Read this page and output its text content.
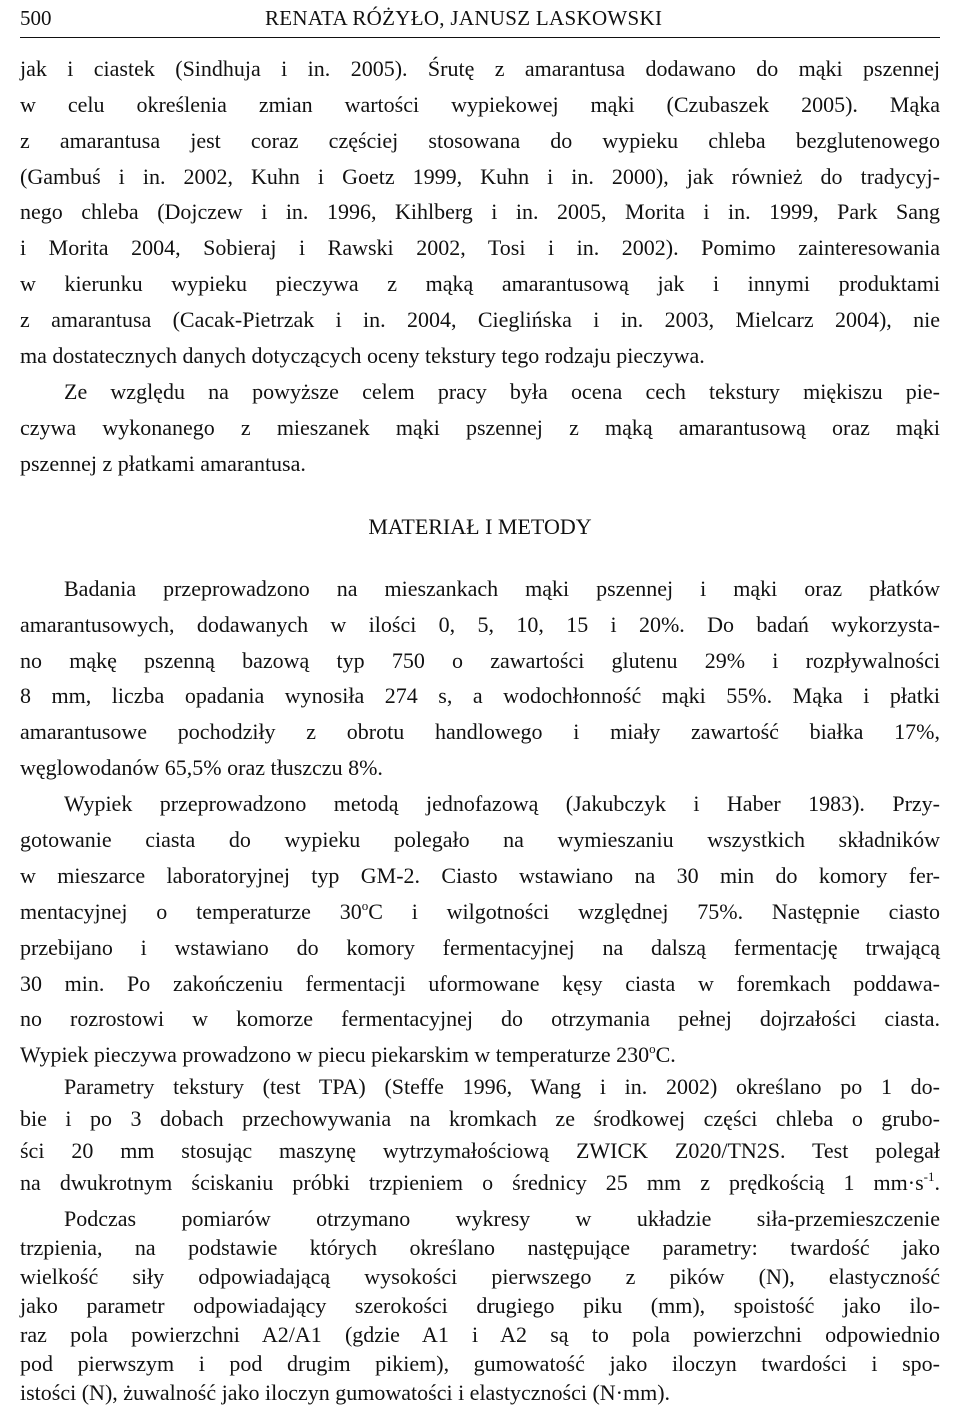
500	RENATA RÓŻYŁO, JANUSZ LASKOWSKI
jak i ciastek (Sindhuja i in. 2005). Śrutę z amarantusa dodawano do mąki pszennej
w celu określenia zmian wartości wypiekowej mąki (Czubaszek 2005). Mąka
z amarantusa jest coraz częściej stosowana do wypieku chleba bezglutenowego
(Gambuś i in. 2002, Kuhn i Goetz 1999, Kuhn i in. 2000), jak również do tradycyj-
nego chleba (Dojczew i in. 1996, Kihlberg i in. 2005, Morita i in. 1999, Park Sang
i Morita 2004, Sobieraj i Rawski 2002, Tosi i in. 2002). Pomimo zainteresowania
w kierunku wypieku pieczywa z mąką amarantusową jak i innymi produktami
z amarantusa (Cacak-Pietrzak i in. 2004, Cieglińska i in. 2003, Mielcarz 2004), nie
ma dostatecznych danych dotyczących oceny tekstury tego rodzaju pieczywa.
Ze względu na powyższe celem pracy była ocena cech tekstury miękiszu pie-
czywa wykonanego z mieszanek mąki pszennej z mąką amarantusową oraz mąki
pszennej z płatkami amarantusa.
MATERIAŁ I METODY
Badania przeprowadzono na mieszankach mąki pszennej i mąki oraz płatków
amarantusowych, dodawanych w ilości 0, 5, 10, 15 i 20%. Do badań wykorzysta-
no mąkę pszenną bazową typ 750 o zawartości glutenu 29% i rozpływalności
8 mm, liczba opadania wynosiła 274 s, a wodochłonność mąki 55%. Mąka i płatki
amarantusowe pochodziły z obrotu handlowego i miały zawartość białka 17%,
węglowodanów 65,5% oraz tłuszczu 8%.
Wypiek przeprowadzono metodą jednofazową (Jakubczyk i Haber 1983). Przy-
gotowanie ciasta do wypieku polegało na wymieszaniu wszystkich składników
w mieszarce laboratoryjnej typ GM-2. Ciasto wstawiano na 30 min do komory fer-
mentacyjnej o temperaturze 30$^o$C i wilgotności względnej 75%. Następnie ciasto
przebijano i wstawiano do komory fermentacyjnej na dalszą fermentację trwającą
30 min. Po zakończeniu fermentacji uformowane kęsy ciasta w foremkach poddawa-
no rozrostowi w komorze fermentacyjnej do otrzymania pełnej dojrzałości ciasta.
Wypiek pieczywa prowadzono w piecu piekarskim w temperaturze 230$^o$C.
Parametry tekstury (test TPA) (Steffe 1996, Wang i in. 2002) określano po 1 do-
bie i po 3 dobach przechowywania na kromkach ze środkowej części chleba o grubo-
ści 20 mm stosując maszynę wytrzymałościową ZWICK Z020/TN2S. Test polegał
na dwukrotnym ściskaniu próbki trzpieniem o średnicy 25 mm z prędkością 1 $mm\cdot s^{-1}$.
Podczas pomiarów otrzymano wykresy w układzie siła-przemieszczenie
trzpienia, na podstawie których określano następujące parametry: twardość jako
wielkość siły odpowiadającą wysokości pierwszego z pików (N), elastyczność
jako parametr odpowiadający szerokości drugiego piku (mm), spoistość jako ilo-
raz pola powierzchni A2/A1 (gdzie A1 i A2 są to pola powierzchni odpowiednio
pod pierwszym i pod drugim pikiem), gumowatość jako iloczyn twardości i spo-
istości (N), żuwalność jako iloczyn gumowatości i elastyczności (N·mm).
